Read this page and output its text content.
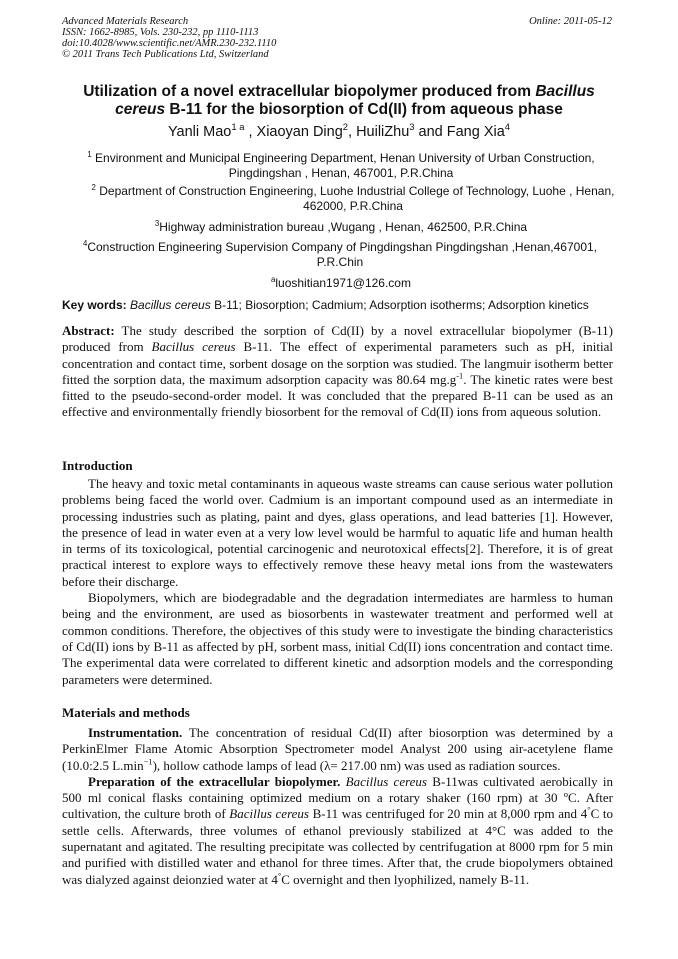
Advanced Materials Research
ISSN: 1662-8985, Vols. 230-232, pp 1110-1113
doi:10.4028/www.scientific.net/AMR.230-232.1110
© 2011 Trans Tech Publications Ltd, Switzerland
Online: 2011-05-12
Utilization of a novel extracellular biopolymer produced from Bacillus cereus B-11 for the biosorption of Cd(II) from aqueous phase
Yanli Mao$^{1 a}$ , Xiaoyan Ding$^2$, HuiliZhu$^3$ and Fang Xia$^4$
$^1$ Environment and Municipal Engineering Department, Henan University of Urban Construction, Pingdingshan , Henan, 467001, P.R.China
$^2$ Department of Construction Engineering, Luohe Industrial College of Technology, Luohe , Henan, 462000, P.R.China
$^3$Highway administration bureau ,Wugang , Henan, 462500, P.R.China
$^4$Construction Engineering Supervision Company of Pingdingshan Pingdingshan ,Henan,467001, P.R.Chin
$^a$luoshitian1971@126.com
Key words: Bacillus cereus B-11; Biosorption; Cadmium; Adsorption isotherms; Adsorption kinetics

Abstract: The study described the sorption of Cd(II) by a novel extracellular biopolymer (B-11) produced from Bacillus cereus B-11. The effect of experimental parameters such as pH, initial concentration and contact time, sorbent dosage on the sorption was studied. The langmuir isotherm better fitted the sorption data, the maximum adsorption capacity was 80.64 $mg.g^{-1}$. The kinetic rates were best fitted to the pseudo-second-order model. It was concluded that the prepared B-11 can be used as an effective and environmentally friendly biosorbent for the removal of Cd(II) ions from aqueous solution.

Introduction

The heavy and toxic metal contaminants in aqueous waste streams can cause serious water pollution problems being faced the world over. Cadmium is an important compound used as an intermediate in processing industries such as plating, paint and dyes, glass operations, and lead batteries [1]. However, the presence of lead in water even at a very low level would be harmful to aquatic life and human health in terms of its toxicological, potential carcinogenic and neurotoxical effects[2]. Therefore, it is of great practical interest to explore ways to effectively remove these heavy metal ions from the wastewaters before their discharge.

Biopolymers, which are biodegradable and the degradation intermediates are harmless to human being and the environment, are used as biosorbents in wastewater treatment and performed well at common conditions. Therefore, the objectives of this study were to investigate the binding characteristics of Cd(II) ions by B-11 as affected by pH, sorbent mass, initial Cd(II) ions concentration and contact time. The experimental data were correlated to different kinetic and adsorption models and the corresponding parameters were determined.

Materials and methods

Instrumentation. The concentration of residual Cd(II) after biosorption was determined by a PerkinElmer Flame Atomic Absorption Spectrometer model Analyst 200 using air-acetylene flame (10.0:2.5 $L.\min^{-1}$), hollow cathode lamps of lead (λ= 217.00 nm) was used as radiation sources.

Preparation of the extracellular biopolymer. Bacillus cereus B-11was cultivated aerobically in 500 ml conical flasks containing optimized medium on a rotary shaker (160 rpm) at 30 ºC. After cultivation, the culture broth of Bacillus cereus B-11 was centrifuged for 20 min at 8,000 rpm and 4°C to settle cells. Afterwards, three volumes of ethanol previously stabilized at 4°C was added to the supernatant and agitated. The resulting precipitate was collected by centrifugation at 8000 rpm for 5 min and purified with distilled water and ethanol for three times. After that, the crude biopolymers obtained was dialyzed against deionzied water at 4°C overnight and then lyophilized, namely B-11.
